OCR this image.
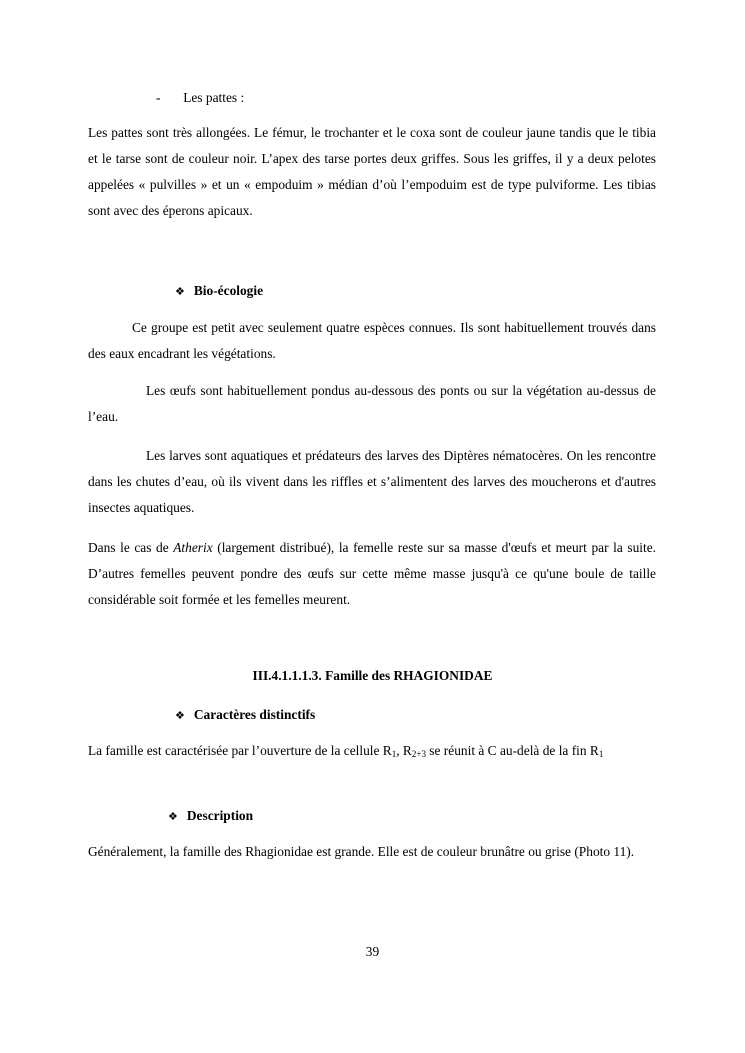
- Les pattes :

Les pattes sont très allongées. Le fémur, le trochanter et le coxa sont de couleur jaune tandis que le tibia et le tarse sont de couleur noir. L’apex des tarse portes deux griffes. Sous les griffes, il y a deux pelotes appelées « pulvilles » et un « empoduim » médian d’où l’empoduim est de type pulviforme. Les tibias sont avec des éperons apicaux.

❖ Bio-écologie

Ce groupe est petit avec seulement quatre espèces connues. Ils sont habituellement trouvés dans des eaux encadrant les végétations.

Les œufs sont habituellement pondus au-dessous des ponts ou sur la végétation au-dessus de l’eau.

Les larves sont aquatiques et prédateurs des larves des Diptères nématocères. On les rencontre dans les chutes d’eau, où ils vivent dans les riffles et s’alimentent des larves des moucherons et d'autres insectes aquatiques.

Dans le cas de Atherix (largement distribué), la femelle reste sur sa masse d'œufs et meurt par la suite. D’autres femelles peuvent pondre des œufs sur cette même masse jusqu'à ce qu'une boule de taille considérable soit formée et les femelles meurent.

III.4.1.1.1.3. Famille des RHAGIONIDAE

❖ Caractères distinctifs

La famille est caractérisée par l’ouverture de la cellule $R_1$, $R_{2+3}$ se réunit à C au-delà de la fin $R_1$

❖ Description

Généralement, la famille des Rhagionidae est grande. Elle est de couleur brunâtre ou grise (Photo 11).

39
